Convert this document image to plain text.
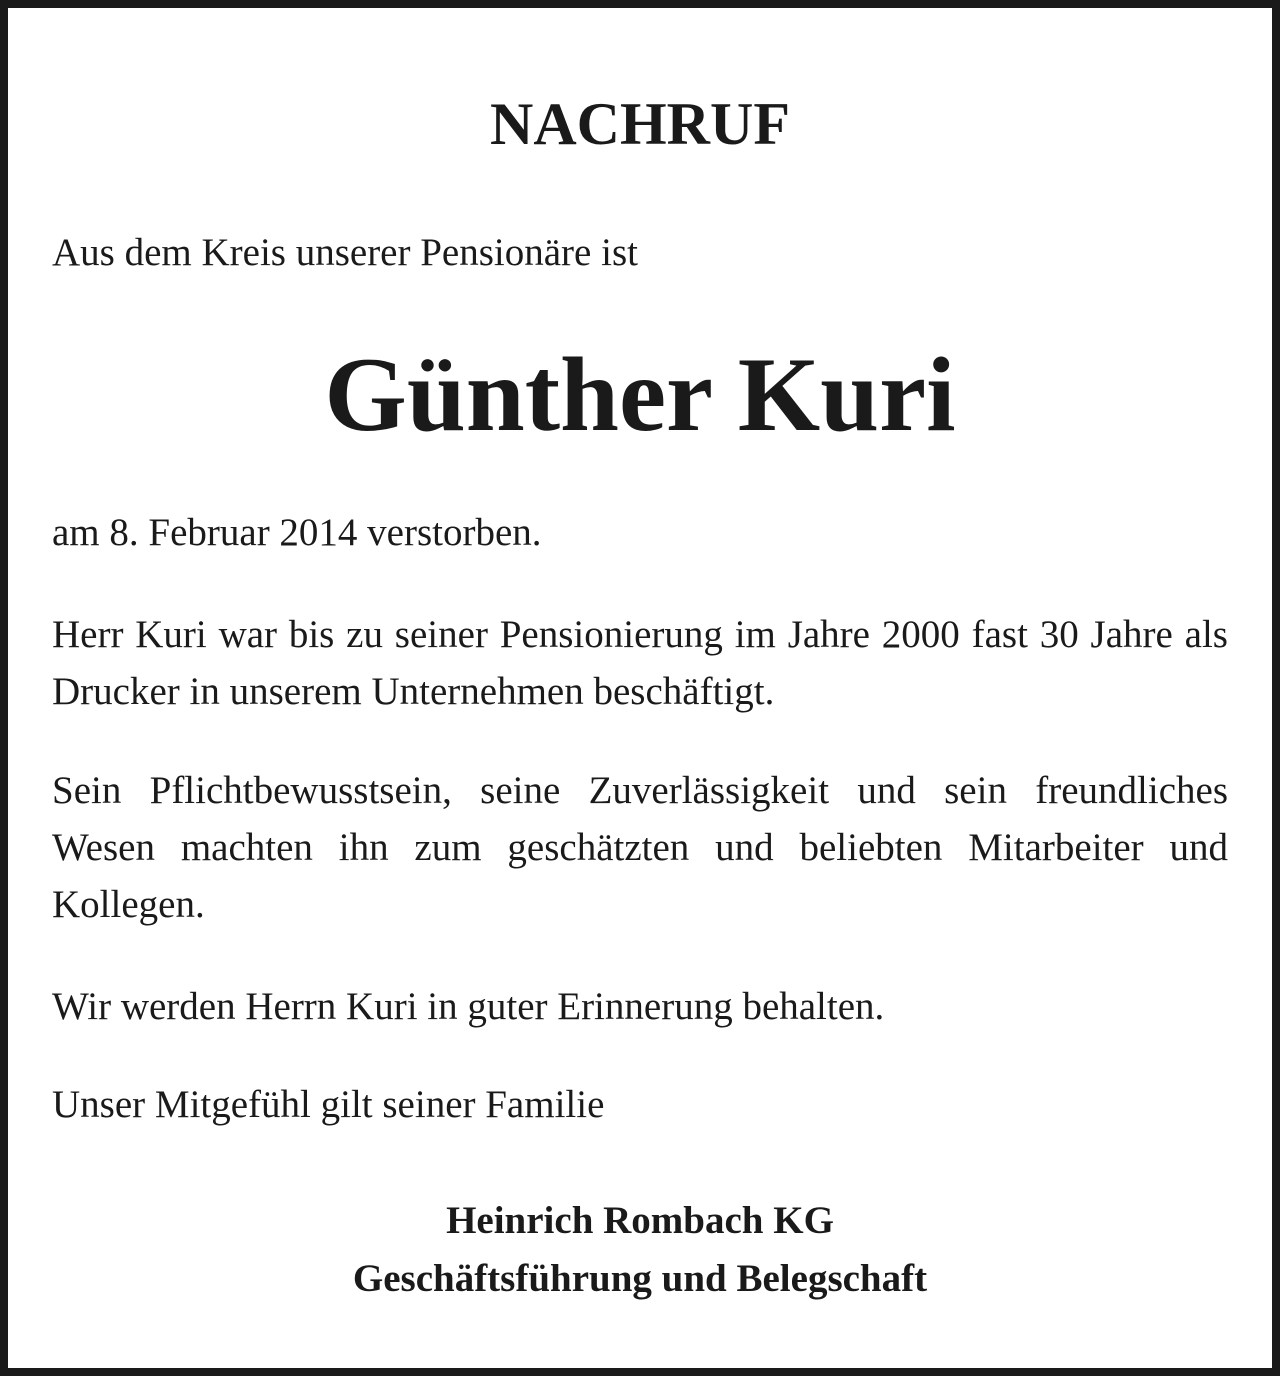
NACHRUF

Aus dem Kreis unserer Pensionäre ist

Günther Kuri

am 8. Februar 2014 verstorben.

Herr Kuri war bis zu seiner Pensionierung im Jahre 2000 fast 30 Jahre als Drucker in unserem Unternehmen beschäftigt.

Sein Pflichtbewusstsein, seine Zuverlässigkeit und sein freundliches Wesen machten ihn zum geschätzten und beliebten Mitarbeiter und Kollegen.

Wir werden Herrn Kuri in guter Erinnerung behalten.

Unser Mitgefühl gilt seiner Familie

Heinrich Rombach KG
Geschäftsführung und Belegschaft
